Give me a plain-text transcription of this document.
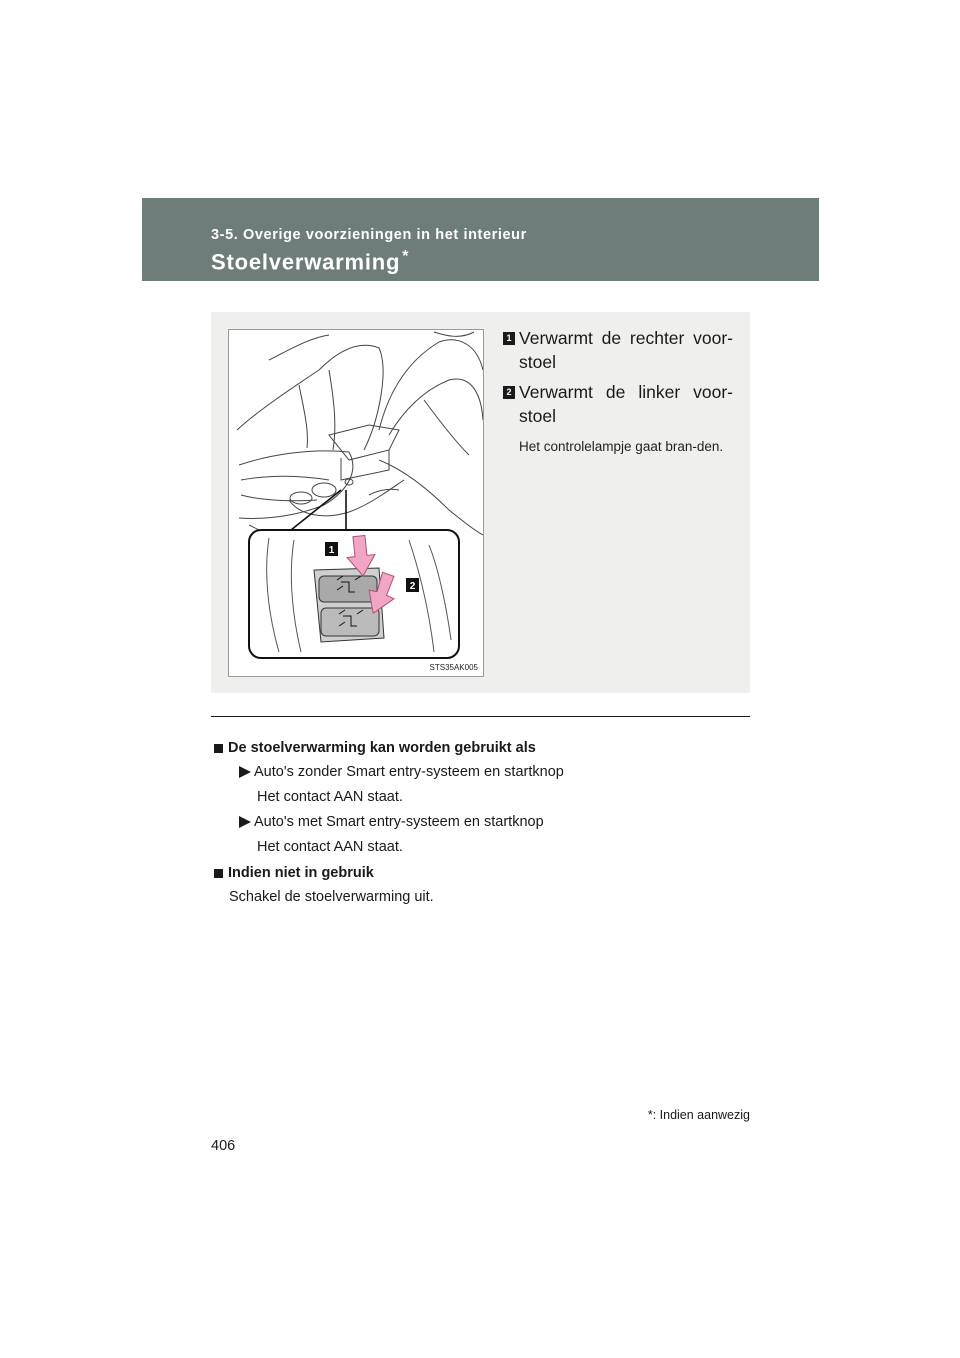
3-5. Overige voorzieningen in het interieur
Stoelverwarming *
1
2
STS35AK005
1 Verwarmt de rechter voor-stoel
2 Verwarmt de linker voor-stoel
Het controlelampje gaat bran-den.
De stoelverwarming kan worden gebruikt als
Auto's zonder Smart entry-systeem en startknop
Het contact AAN staat.
Auto's met Smart entry-systeem en startknop
Het contact AAN staat.
Indien niet in gebruik
Schakel de stoelverwarming uit.
*: Indien aanwezig
406
